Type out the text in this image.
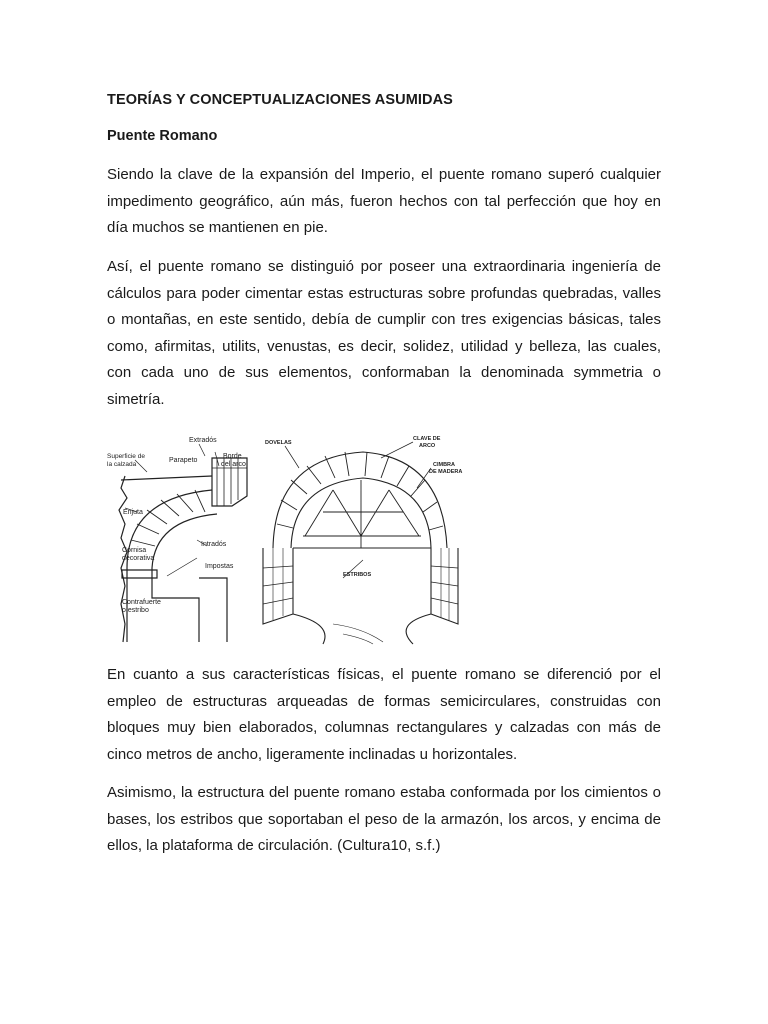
TEORÍAS Y CONCEPTUALIZACIONES ASUMIDAS
Puente Romano

Siendo la clave de la expansión del Imperio, el puente romano superó cualquier impedimento geográfico, aún más, fueron hechos con tal perfección que hoy en día muchos se mantienen en pie.

Así, el puente romano se distinguió por poseer una extraordinaria ingeniería de cálculos para poder cimentar estas estructuras sobre profundas quebradas, valles o montañas, en este sentido, debía de cumplir con tres exigencias básicas, tales como, afirmitas, utilits, venustas, es decir, solidez, utilidad y belleza, las cuales, con cada uno de sus elementos, conformaban la denominada symmetria o simetría.

En cuanto a sus características físicas, el puente romano se diferenció por el empleo de estructuras arqueadas de formas semicirculares, construidas con bloques muy bien elaborados, columnas rectangulares y calzadas con más de cinco metros de ancho, ligeramente inclinadas u horizontales.

Asimismo, la estructura del puente romano estaba conformada por los cimientos o bases, los estribos que soportaban el peso de la armazón, los arcos, y encima de ellos, la plataforma de circulación. (Cultura10, s.f.)

Extradós
Superficie de
la calzada
Parapeto
Borde
del arco
Enjuta
Intradós
Cornisa
decorativa
Impostas
Contrafuerte
o estribo
DOVELAS
CLAVE DE
ARCO
CIMBRA
DE MADERA
ESTRIBOS
